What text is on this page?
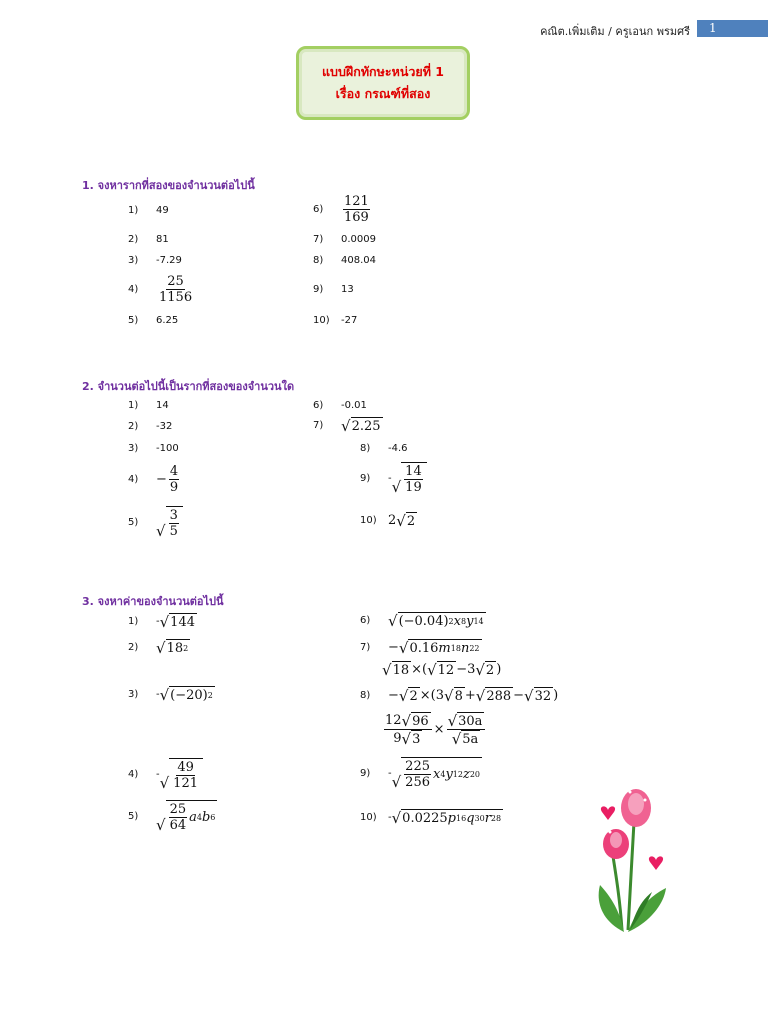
คณิต.เพิ่มเติม / ครูเอนก พรมศรี	1
แบบฝึกทักษะหน่วยที่ 1
เรื่อง กรณฑ์ที่สอง
1. จงหารากที่สองของจำนวนต่อไปนี้
1)	49
2)	81
3)	-7.29
4)	$\frac{25}{1156}$
5)	6.25
6)	$\frac{121}{169}$
7)	0.0009
8)	408.04
9)	13
10)	-27
2. จำนวนต่อไปนี้เป็นรากที่สองของจำนวนใด
1)	14
2)	-32
3)	-100
4)	− $\frac{4}{9}$
5)	√ $\frac{3}{5}$
6)	-0.01
7)	√ 2.25
8)	-4.6
9)	- √ $\frac{14}{19}$
10) 2 √ 2
3. จงหาค่าของจำนวนต่อไปนี้
1)	- √ 144
2)	√ 18 2
3)	- √ (−20) 2
4)	- √ $\frac{49}{121}$
5)	√ $\frac{25}{64}$ a 4 b 6
6)	√ (−0.04) 2 x 8 y 14
7)	− √ 0.16 m 18 n 22
√ 18 ×( √ 12 −3 √ 2 )
8)	− √ 2 ×(3 √ 8 + √ 288 − √ 32 )
$\frac{12 √ 96}{9 √ 3} \times \frac{√ 30a}{√ 5a}$
9)	- √ $\frac{225}{256}$ x 4 y 12 z 20
10)	- √ 0.0225 p 16 q 30 r 28
